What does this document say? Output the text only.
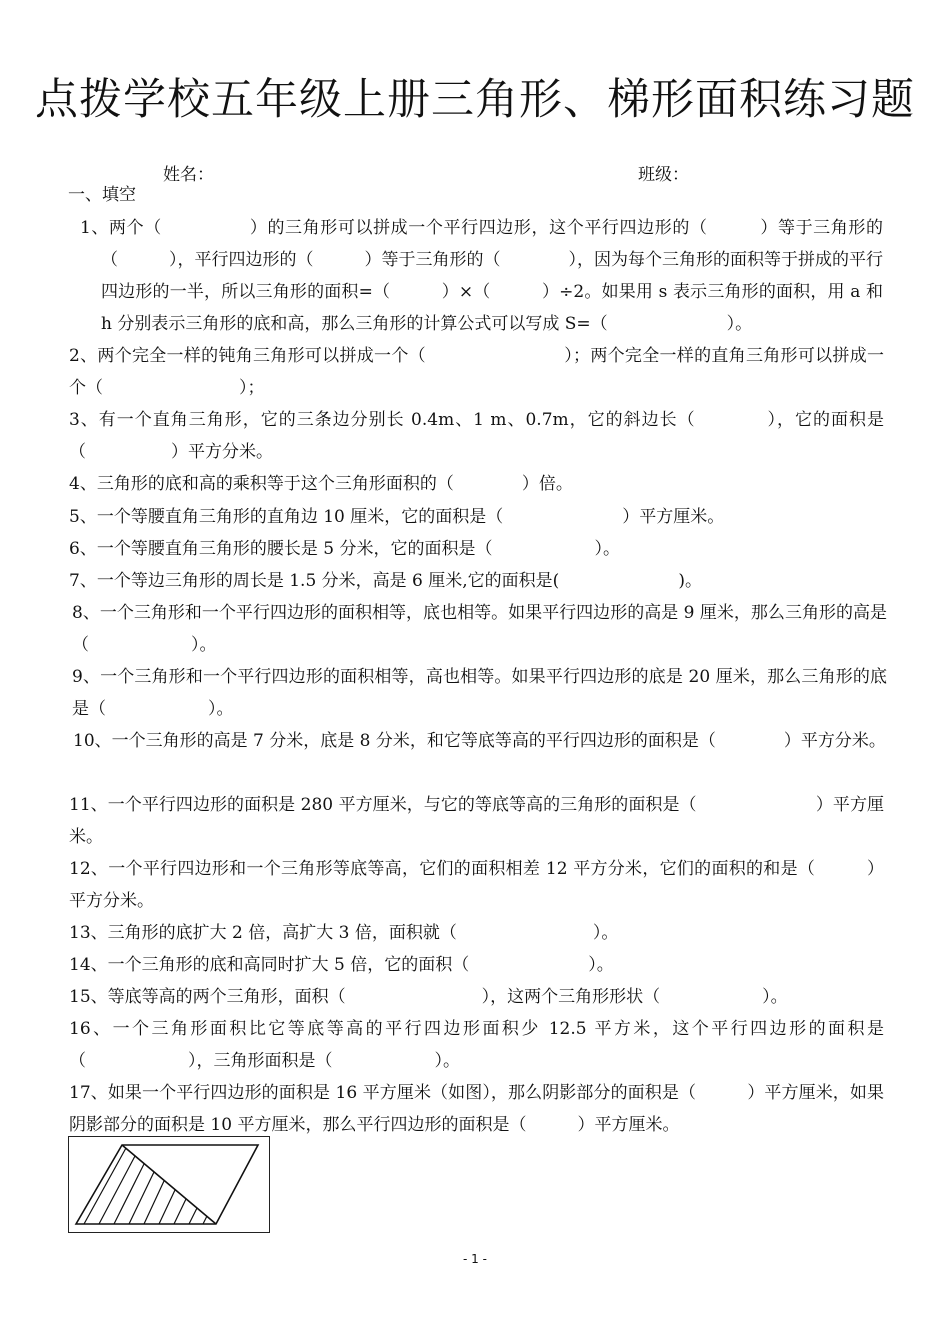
点拨学校五年级上册三角形、梯形面积练习题
姓名：	班级：
一、填空
1、两个（　　　　　）的三角形可以拼成一个平行四边形，这个平行四边形的（　　　）等于三角形的（　　　），平行四边形的（　　　）等于三角形的（　　　　），因为每个三角形的面积等于拼成的平行四边形的一半，所以三角形的面积=（　　　）×（　　　）÷2。如果用 s 表示三角形的面积，用 a 和 h 分别表示三角形的底和高，那么三角形的计算公式可以写成 S=（　　　　　　　）。
2、两个完全一样的钝角三角形可以拼成一个（　　　　　　　　）；两个完全一样的直角三角形可以拼成一个（　　　　　　　　）；
3、有一个直角三角形，它的三条边分别长 0.4m、1 m、0.7m，它的斜边长（　　　　），它的面积是（　　　　　）平方分米。
4、三角形的底和高的乘积等于这个三角形面积的（　　　　）倍。
5、一个等腰直角三角形的直角边 10 厘米，它的面积是（　　　　　　　）平方厘米。
6、一个等腰直角三角形的腰长是 5 分米，它的面积是（　　　　　　）。
7、一个等边三角形的周长是 1.5 分米，高是 6 厘米,它的面积是(　　　　　　　)。
8、一个三角形和一个平行四边形的面积相等，底也相等。如果平行四边形的高是 9 厘米，那么三角形的高是（　　　　　　）。
9、一个三角形和一个平行四边形的面积相等，高也相等。如果平行四边形的底是 20 厘米，那么三角形的底是（　　　　　　）。
10、一个三角形的高是 7 分米，底是 8 分米，和它等底等高的平行四边形的面积是（　　　　）平方分米。
11、一个平行四边形的面积是 280 平方厘米，与它的等底等高的三角形的面积是（　　　　　　　）平方厘米。
12、一个平行四边形和一个三角形等底等高，它们的面积相差 12 平方分米，它们的面积的和是（　　　）平方分米。
13、三角形的底扩大 2 倍，高扩大 3 倍，面积就（　　　　　　　　）。
14、一个三角形的底和高同时扩大 5 倍，它的面积（　　　　　　　）。
15、等底等高的两个三角形，面积（　　　　　　　　），这两个三角形形状（　　　　　　）。
16、一个三角形面积比它等底等高的平行四边形面积少 12.5 平方米，这个平行四边形的面积是（　　　　　　），三角形面积是（　　　　　　）。
17、如果一个平行四边形的面积是 16 平方厘米（如图），那么阴影部分的面积是（　　　）平方厘米，如果阴影部分的面积是 10 平方厘米，那么平行四边形的面积是（　　　）平方厘米。
- 1 -
